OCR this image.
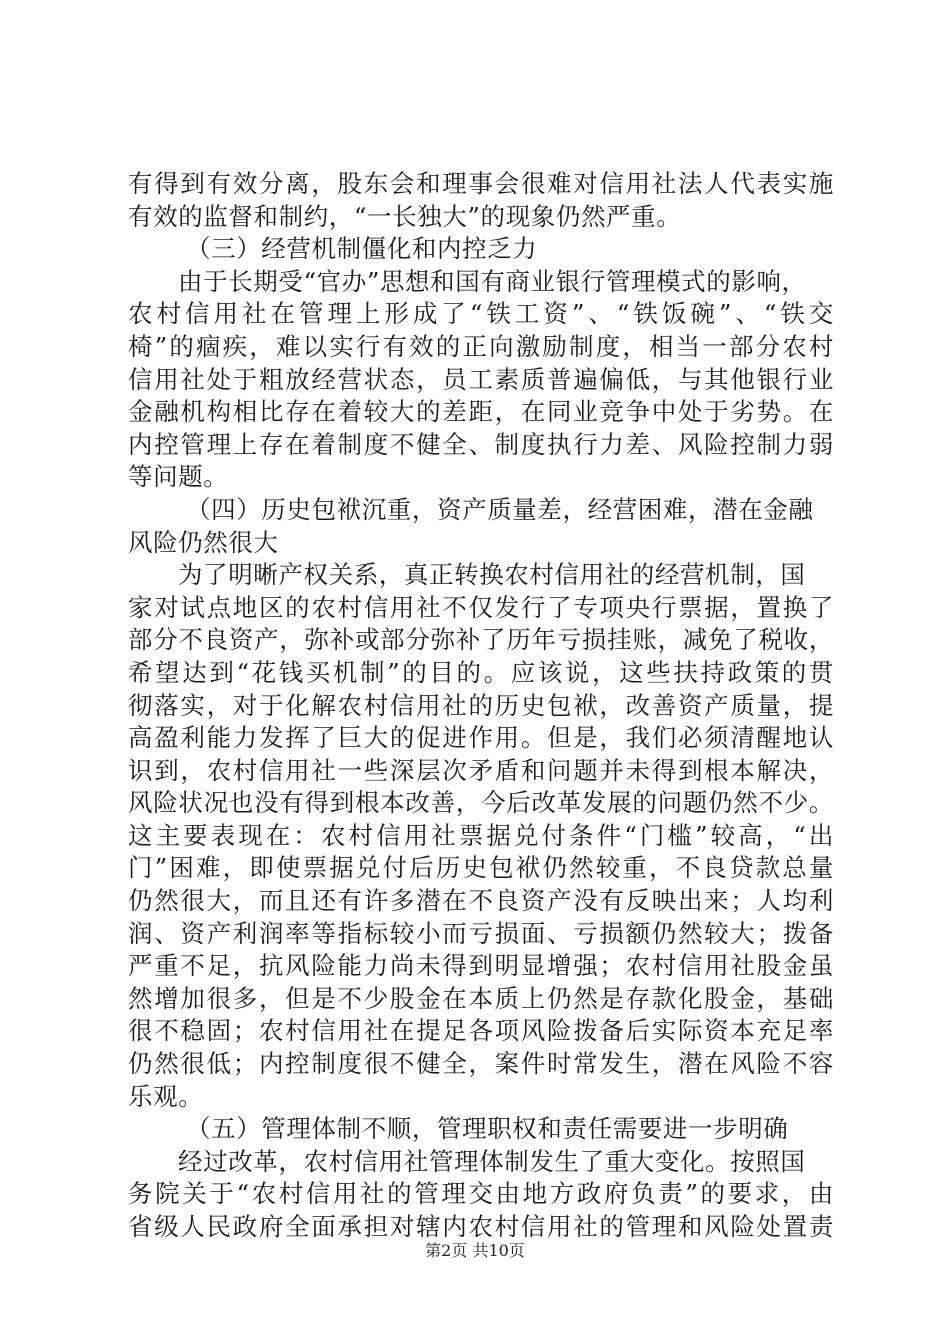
有得到有效分离，股东会和理事会很难对信用社法人代表实施
有效的监督和制约，“一长独大”的现象仍然严重。
（三）经营机制僵化和内控乏力
由于长期受“官办”思想和国有商业银行管理模式的影响，
农村信用社在管理上形成了“铁工资”、“铁饭碗”、“铁交
椅”的痼疾，难以实行有效的正向激励制度，相当一部分农村
信用社处于粗放经营状态，员工素质普遍偏低，与其他银行业
金融机构相比存在着较大的差距，在同业竞争中处于劣势。在
内控管理上存在着制度不健全、制度执行力差、风险控制力弱
等问题。
（四）历史包袱沉重，资产质量差，经营困难，潜在金融
风险仍然很大
为了明晰产权关系，真正转换农村信用社的经营机制，国
家对试点地区的农村信用社不仅发行了专项央行票据，置换了
部分不良资产，弥补或部分弥补了历年亏损挂账，减免了税收，
希望达到“花钱买机制”的目的。应该说，这些扶持政策的贯
彻落实，对于化解农村信用社的历史包袱，改善资产质量，提
高盈利能力发挥了巨大的促进作用。但是，我们必须清醒地认
识到，农村信用社一些深层次矛盾和问题并未得到根本解决，
风险状况也没有得到根本改善，今后改革发展的问题仍然不少。
这主要表现在：农村信用社票据兑付条件“门槛”较高，“出
门”困难，即使票据兑付后历史包袱仍然较重，不良贷款总量
仍然很大，而且还有许多潜在不良资产没有反映出来；人均利
润、资产利润率等指标较小而亏损面、亏损额仍然较大；拨备
严重不足，抗风险能力尚未得到明显增强；农村信用社股金虽
然增加很多，但是不少股金在本质上仍然是存款化股金，基础
很不稳固；农村信用社在提足各项风险拨备后实际资本充足率
仍然很低；内控制度很不健全，案件时常发生，潜在风险不容
乐观。
（五）管理体制不顺，管理职权和责任需要进一步明确
经过改革，农村信用社管理体制发生了重大变化。按照国
务院关于“农村信用社的管理交由地方政府负责”的要求，由
省级人民政府全面承担对辖内农村信用社的管理和风险处置责
第2页 共10页
